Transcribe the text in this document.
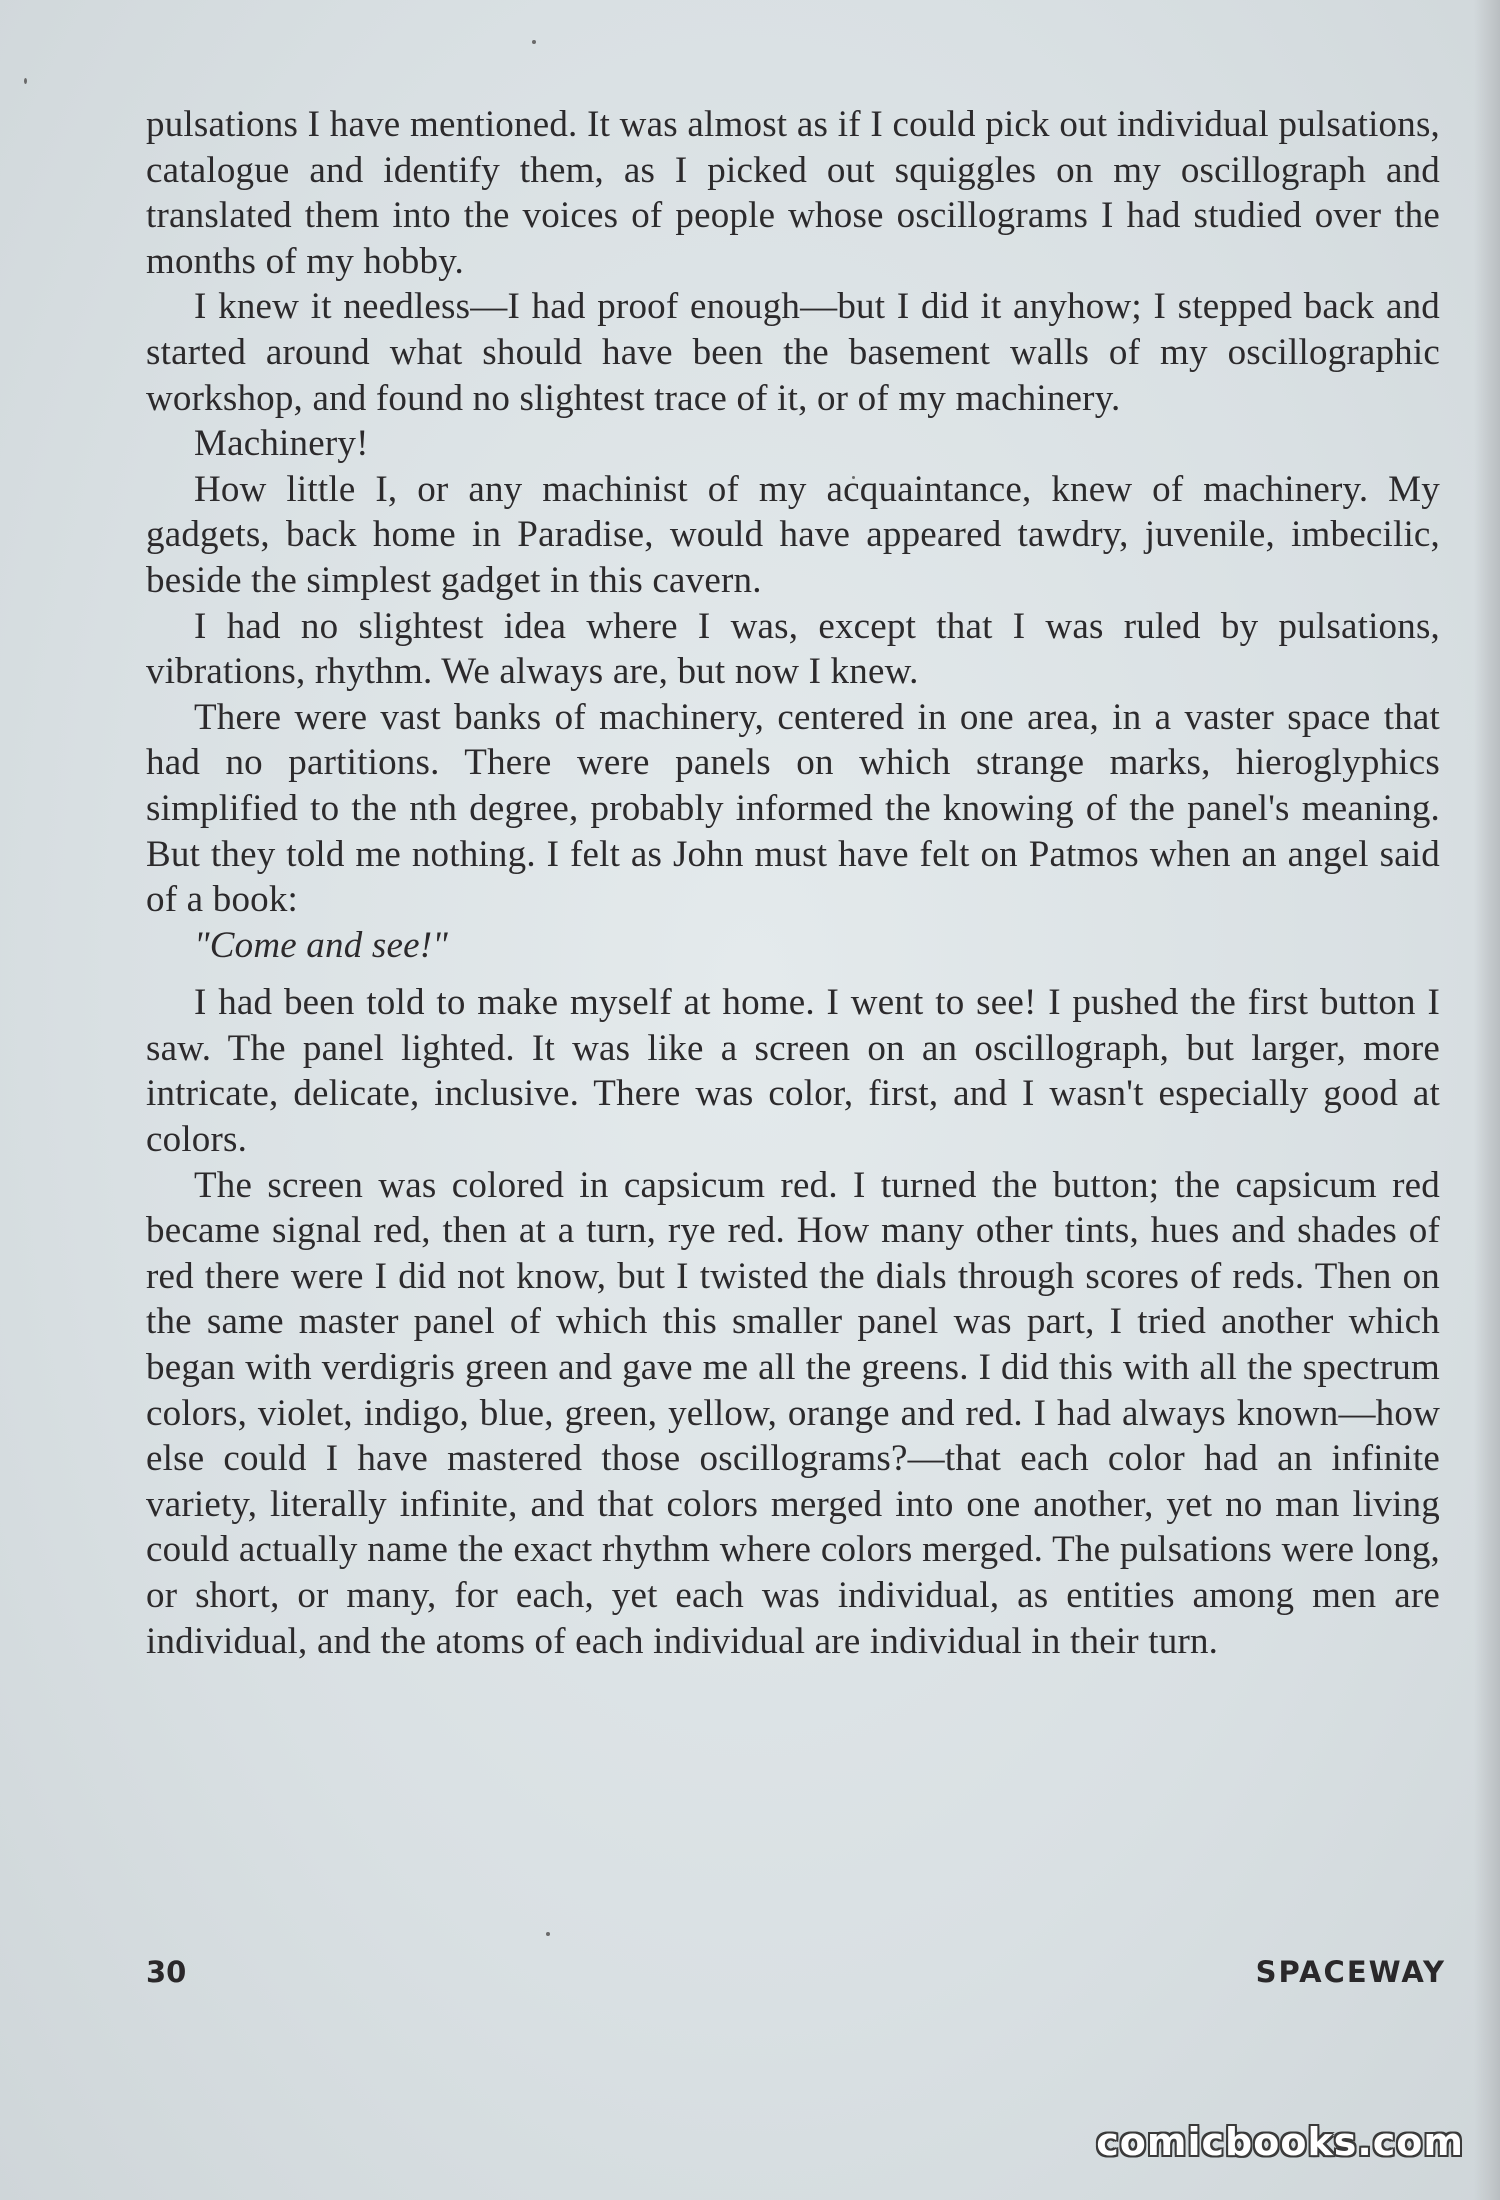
pulsations I have mentioned. It was almost as if I could pick out individual pulsations, catalogue and identify them, as I picked out squiggles on my oscillograph and translated them into the voices of people whose oscillograms I had studied over the months of my hobby.

I knew it needless—I had proof enough—but I did it anyhow; I stepped back and started around what should have been the basement walls of my oscillographic workshop, and found no slightest trace of it, or of my machinery.

Machinery!

How little I, or any machinist of my acquaintance, knew of machinery. My gadgets, back home in Paradise, would have appeared tawdry, juvenile, imbecilic, beside the simplest gadget in this cavern.

I had no slightest idea where I was, except that I was ruled by pulsations, vibrations, rhythm. We always are, but now I knew.

There were vast banks of machinery, centered in one area, in a vaster space that had no partitions. There were panels on which strange marks, hieroglyphics simplified to the nth degree, probably informed the knowing of the panel's meaning. But they told me nothing. I felt as John must have felt on Patmos when an angel said of a book:

"Come and see!"

I had been told to make myself at home. I went to see! I pushed the first button I saw. The panel lighted. It was like a screen on an oscillograph, but larger, more intricate, delicate, inclusive. There was color, first, and I wasn't especially good at colors.

The screen was colored in capsicum red. I turned the button; the capsicum red became signal red, then at a turn, rye red. How many other tints, hues and shades of red there were I did not know, but I twisted the dials through scores of reds. Then on the same master panel of which this smaller panel was part, I tried another which began with verdigris green and gave me all the greens. I did this with all the spectrum colors, violet, indigo, blue, green, yellow, orange and red. I had always known—how else could I have mastered those oscillograms?—that each color had an infinite variety, literally infinite, and that colors merged into one another, yet no man living could actually name the exact rhythm where colors merged. The pulsations were long, or short, or many, for each, yet each was individual, as entities among men are individual, and the atoms of each individual are individual in their turn.

30	SPACEWAY
comicbooks.com
